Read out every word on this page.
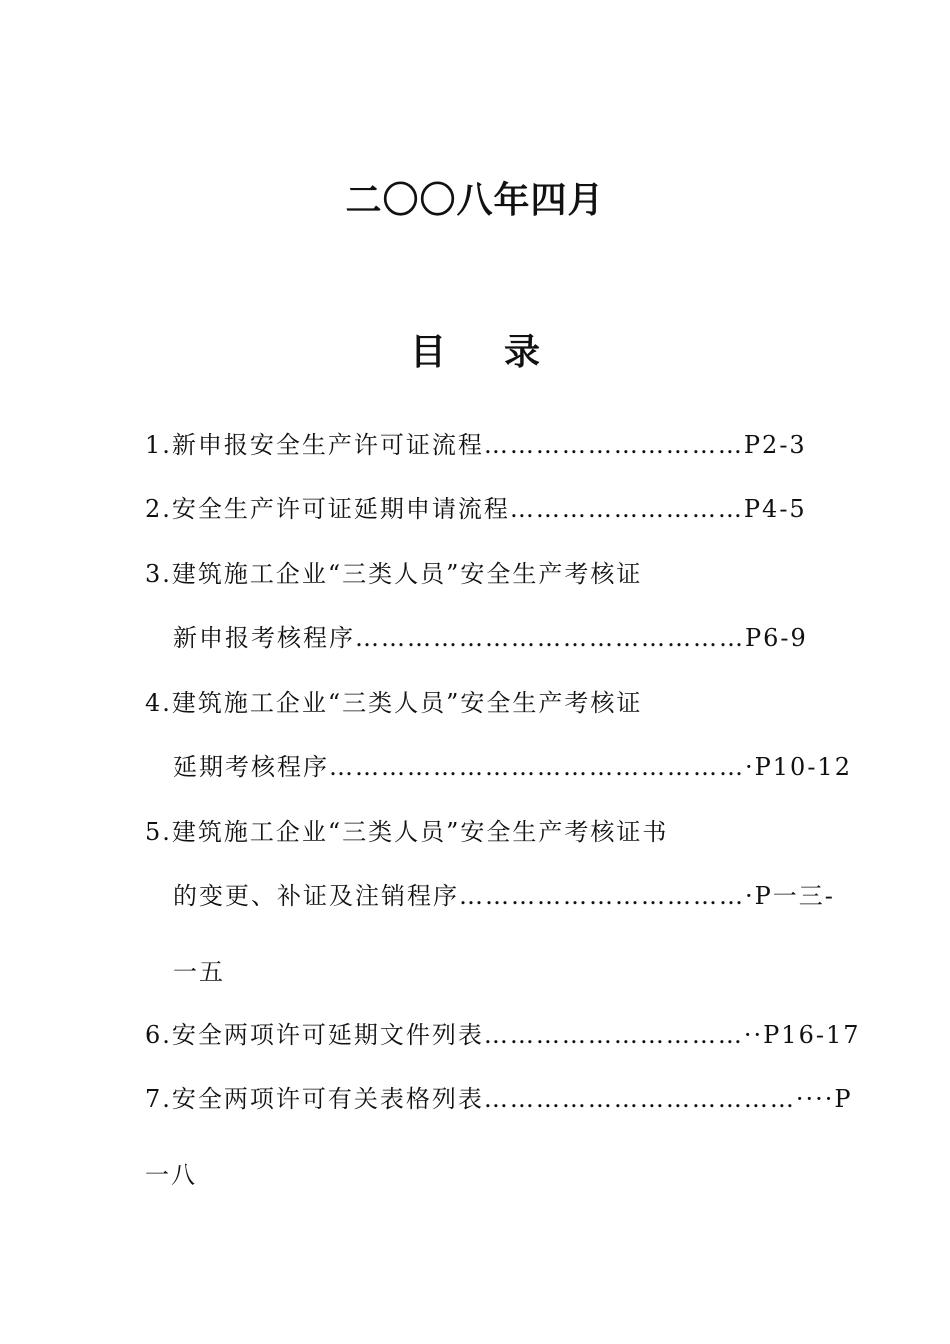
二〇〇八年四月
目 录
1.新申报安全生产许可证流程…………………………P2-3
2.安全生产许可证延期申请流程………………………P4-5
3.建筑施工企业“三类人员”安全生产考核证
新申报考核程序………………………………………P6-9
4.建筑施工企业“三类人员”安全生产考核证
延期考核程序…………………………………………·P10-12
5.建筑施工企业“三类人员”安全生产考核证书
的变更、补证及注销程序……………………………·P一三-
一五
6.安全两项许可延期文件列表…………………………··P16-17
7.安全两项许可有关表格列表………………………………····P
一八
